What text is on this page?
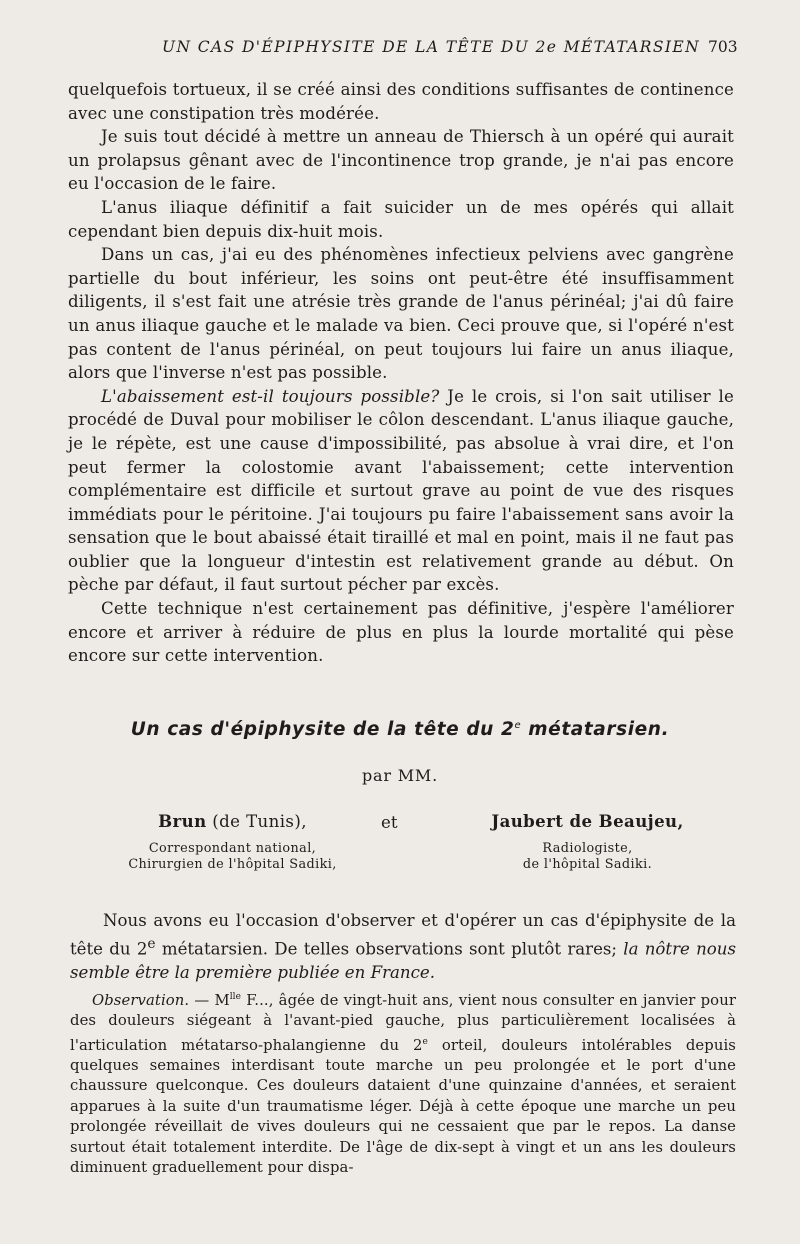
UN CAS D'ÉPIPHYSITE DE LA TÊTE DU 2e MÉTATARSIEN 703

quelquefois tortueux, il se créé ainsi des conditions suffisantes de continence avec une constipation très modérée.

Je suis tout décidé à mettre un anneau de Thiersch à un opéré qui aurait un prolapsus gênant avec de l'incontinence trop grande, je n'ai pas encore eu l'occasion de le faire.

L'anus iliaque définitif a fait suicider un de mes opérés qui allait cependant bien depuis dix-huit mois.

Dans un cas, j'ai eu des phénomènes infectieux pelviens avec gangrène partielle du bout inférieur, les soins ont peut-être été insuffisamment diligents, il s'est fait une atrésie très grande de l'anus périnéal; j'ai dû faire un anus iliaque gauche et le malade va bien. Ceci prouve que, si l'opéré n'est pas content de l'anus périnéal, on peut toujours lui faire un anus iliaque, alors que l'inverse n'est pas possible.

L'abaissement est-il toujours possible? Je le crois, si l'on sait utiliser le procédé de Duval pour mobiliser le côlon descendant. L'anus iliaque gauche, je le répète, est une cause d'impossibilité, pas absolue à vrai dire, et l'on peut fermer la colostomie avant l'abaissement; cette intervention complémentaire est difficile et surtout grave au point de vue des risques immédiats pour le péritoine. J'ai toujours pu faire l'abaissement sans avoir la sensation que le bout abaissé était tiraillé et mal en point, mais il ne faut pas oublier que la longueur d'intestin est relativement grande au début. On pèche par défaut, il faut surtout pécher par excès.

Cette technique n'est certainement pas définitive, j'espère l'améliorer encore et arriver à réduire de plus en plus la lourde mortalité qui pèse encore sur cette intervention.

Un cas d'épiphysite de la tête du 2e métatarsien.
par MM.
Brun (de Tunis),
Correspondant national,
Chirurgien de l'hôpital Sadiki,
et	Jaubert de Beaujeu,
Radiologiste,
de l'hôpital Sadiki.

Nous avons eu l'occasion d'observer et d'opérer un cas d'épiphysite de la tête du 2e métatarsien. De telles observations sont plutôt rares; la nôtre nous semble être la première publiée en France.

Observation. — $M^{lle}$ F..., âgée de vingt-huit ans, vient nous consulter en janvier pour des douleurs siégeant à l'avant-pied gauche, plus particulièrement localisées à l'articulation métatarso-phalangienne du 2e orteil, douleurs intolérables depuis quelques semaines interdisant toute marche un peu prolongée et le port d'une chaussure quelconque. Ces douleurs dataient d'une quinzaine d'années, et seraient apparues à la suite d'un traumatisme léger. Déjà à cette époque une marche un peu prolongée réveillait de vives douleurs qui ne cessaient que par le repos. La danse surtout était totalement interdite. De l'âge de dix-sept à vingt et un ans les douleurs diminuent graduellement pour dispa-
